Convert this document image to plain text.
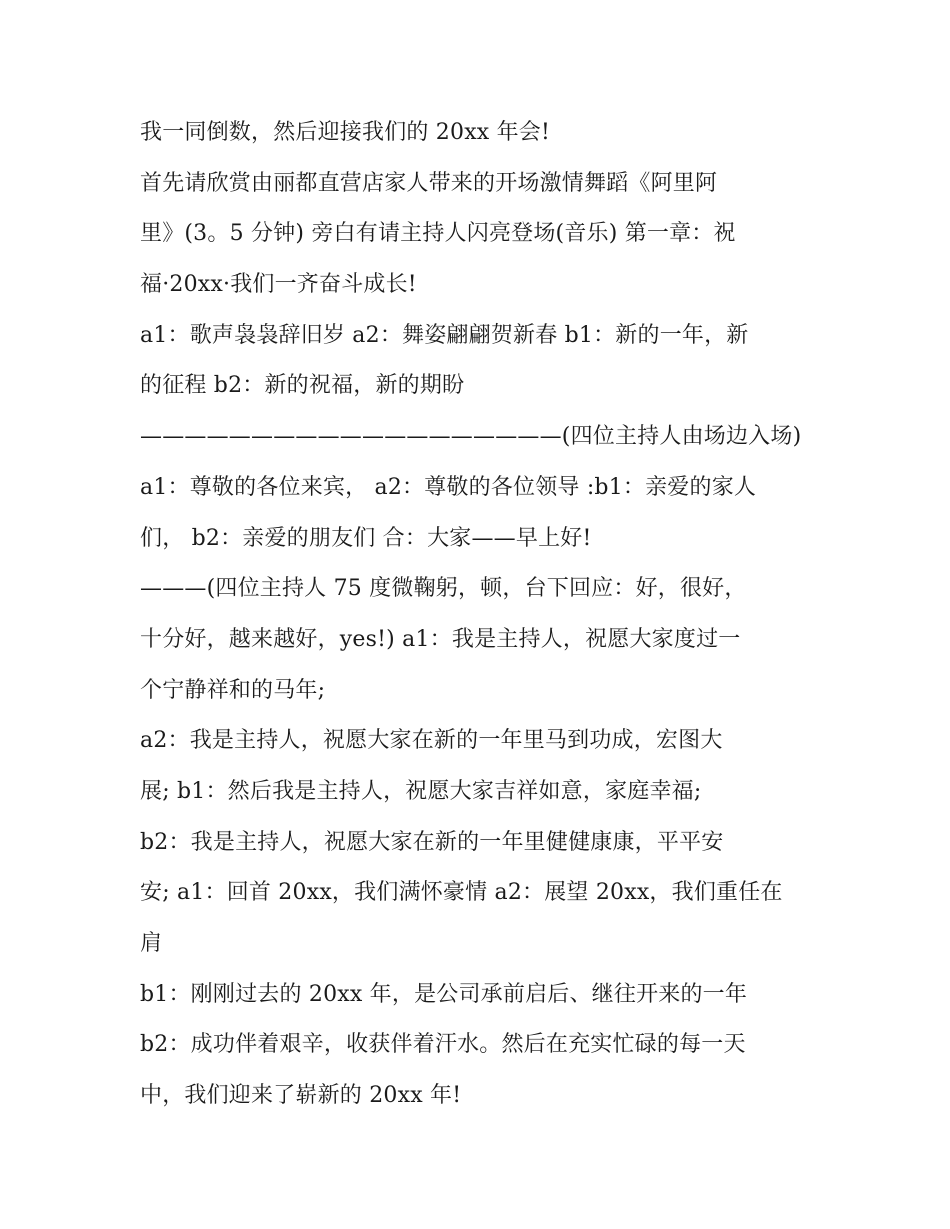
我一同倒数，然后迎接我们的 20xx 年会!
首先请欣赏由丽都直营店家人带来的开场激情舞蹈《阿里阿
里》(3。5 分钟) 旁白有请主持人闪亮登场(音乐) 第一章：祝
福·20xx·我们一齐奋斗成长!
a1：歌声袅袅辞旧岁 a2：舞姿翩翩贺新春 b1：新的一年，新
的征程 b2：新的祝福，新的期盼
———————————————————(四位主持人由场边入场)
a1：尊敬的各位来宾， a2：尊敬的各位领导 :b1：亲爱的家人
们， b2：亲爱的朋友们 合：大家——早上好!
———(四位主持人 75 度微鞠躬，顿，台下回应：好，很好，
十分好，越来越好，yes!) a1：我是主持人，祝愿大家度过一
个宁静祥和的马年;
a2：我是主持人，祝愿大家在新的一年里马到功成，宏图大
展; b1：然后我是主持人，祝愿大家吉祥如意，家庭幸福;
b2：我是主持人，祝愿大家在新的一年里健健康康，平平安
安; a1：回首 20xx，我们满怀豪情 a2：展望 20xx，我们重任在
肩
b1：刚刚过去的 20xx 年，是公司承前启后、继往开来的一年
b2：成功伴着艰辛，收获伴着汗水。然后在充实忙碌的每一天
中，我们迎来了崭新的 20xx 年!
